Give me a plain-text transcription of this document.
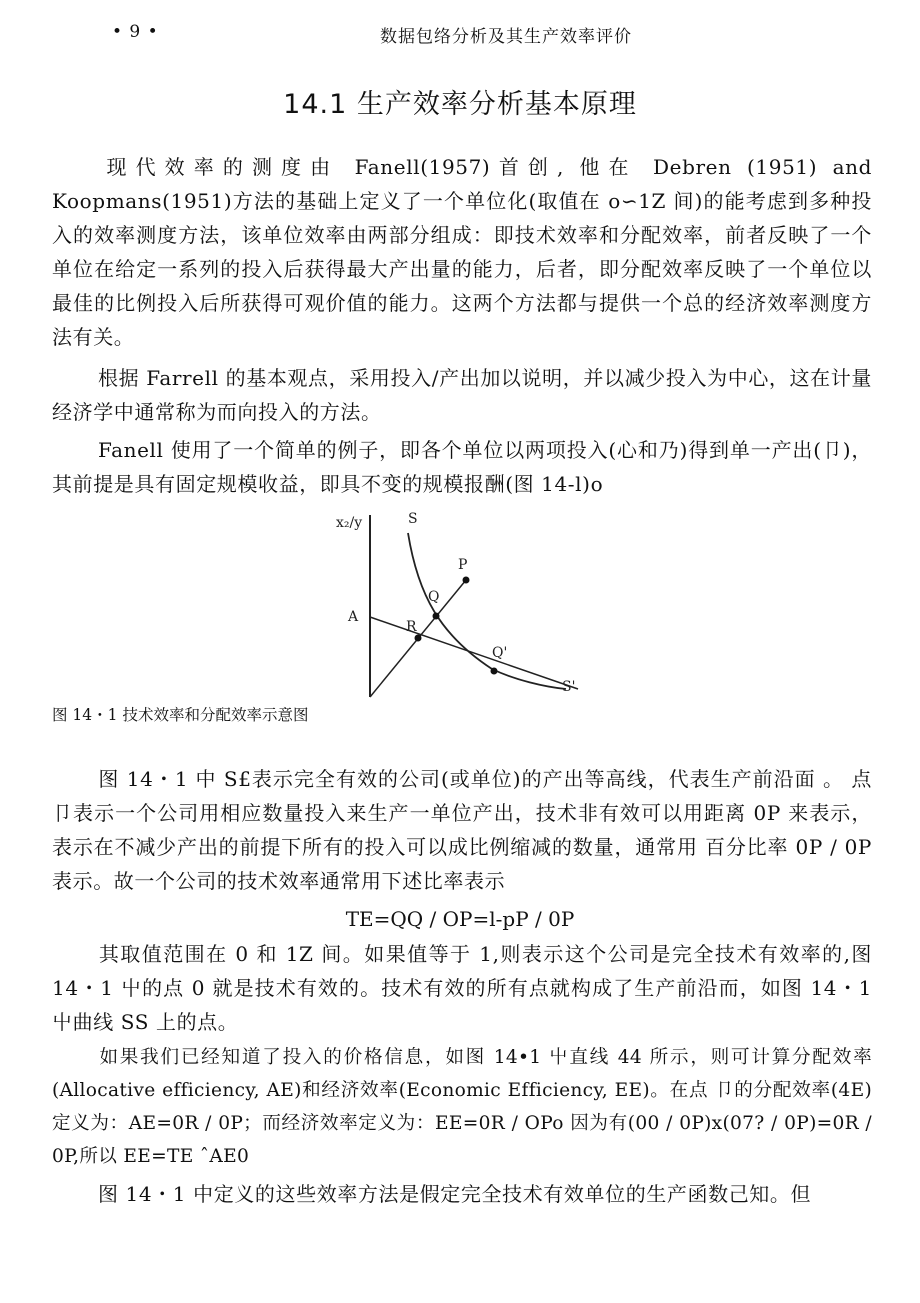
• 9 •	数据包络分析及其生产效率评价
14.1 生产效率分析基本原理

现代效率的测度由 Fanell(1957)首创, 他在 Debren (1951) and Koopmans(1951)方法的基础上定义了一个单位化(取值在 o∽1Z 间)的能考虑到多种投入的效率测度方法，该单位效率由两部分组成：即技术效率和分配效率，前者反映了一个单位在给定一系列的投入后获得最大产出量的能力，后者，即分配效率反映了一个单位以最佳的比例投入后所获得可观价值的能力。这两个方法都与提供一个总的经济效率测度方法有关。

根据 Farrell 的基本观点，采用投入/产出加以说明，并以减少投入为中心，这在计量经济学中通常称为而向投入的方法。

Fanell 使用了一个简单的例子，即各个单位以两项投入(心和乃)得到单一产出(卩)，其前提是具有固定规模收益，即具不变的规模报酬(图 14-l)o

x₂/y	S
P
Q
A
R
Q'
S'
图 14・1 技术效率和分配效率示意图

图 14・1 中 S£表示完全有效的公司(或单位)的产出等高线，代表生产前沿面 。 点 卩表示一个公司用相应数量投入来生产一单位产出，技术非有效可以用距离 0P 来表示，表示在不减少产出的前提下所有的投入可以成比例缩减的数量，通常用 百分比率 0P / 0P 表示。故一个公司的技术效率通常用下述比率表示

TE=QQ / OP=l-pP / 0P

其取值范围在 0 和 1Z 间。如果值等于 1,则表示这个公司是完全技术有效率的,图 14・1 屮的点 0 就是技术有效的。技术有效的所有点就构成了生产前沿而，如图 14・1 屮曲线 SS 上的点。

如果我们已经知道了投入的价格信息，如图 14•1 屮直线 44 所示，则可计算分配效率(Allocative efficiency, AE)和经济效率(Economic Efficiency, EE)。在点 卩的分配效率(4E)定义为：AE=0R / 0P；而经济效率定义为：EE=0R / OPo 因为有(00 / 0P)x(07? / 0P)=0R / 0P,所以 EE=TE ˆAE0

图 14・1 中定义的这些效率方法是假定完全技术有效单位的生产函数己知。但
